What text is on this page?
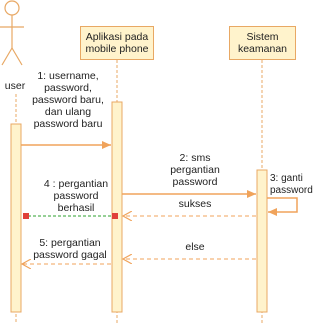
Aplikasi pada
mobile phone
Sistem
keamanan
user
1: username,
password,
password baru,
dan ulang
password baru
2: sms
pergantian
password	3: ganti password
sukses
4 : pergantian
password
berhasil
else
5: pergantian
password gagal
